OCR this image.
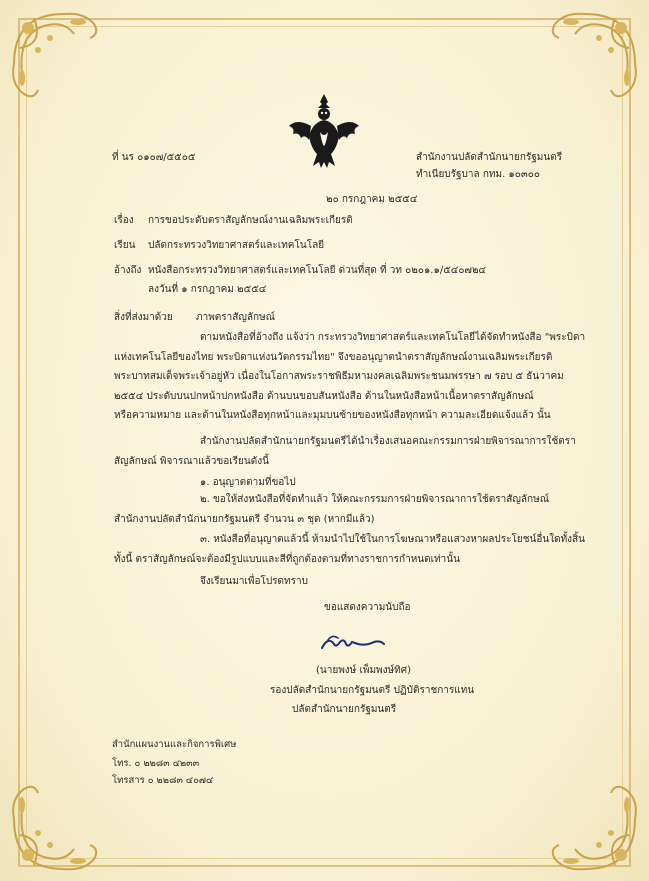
ที่ นร ๐๑๐๗/๕๕๐๕	สำนักงานปลัดสำนักนายกรัฐมนตรี
ทำเนียบรัฐบาล กทม. ๑๐๓๐๐
๒๐ กรกฎาคม ๒๕๕๔
เรื่อง การขอประดับตราสัญลักษณ์งานเฉลิมพระเกียรติ
เรียน ปลัดกระทรวงวิทยาศาสตร์และเทคโนโลยี
อ้างถึง หนังสือกระทรวงวิทยาศาสตร์และเทคโนโลยี ด่วนที่สุด ที่ วท ๐๒๐๑.๑/๕๔๐๗๒๔
ลงวันที่ ๑ กรกฎาคม ๒๕๕๔
สิ่งที่ส่งมาด้วย ภาพตราสัญลักษณ์
ตามหนังสือที่อ้างถึง แจ้งว่า กระทรวงวิทยาศาสตร์และเทคโนโลยีได้จัดทำหนังสือ "พระบิดา
แห่งเทคโนโลยีของไทย พระบิดาแห่งนวัตกรรมไทย" จึงขออนุญาตนำตราสัญลักษณ์งานเฉลิมพระเกียรติ
พระบาทสมเด็จพระเจ้าอยู่หัว เนื่องในโอกาสพระราชพิธีมหามงคลเฉลิมพระชนมพรรษา ๗ รอบ ๕ ธันวาคม
๒๕๕๔ ประดับบนปกหน้าปกหนังสือ ด้านบนขอบสันหนังสือ ด้านในหนังสือหน้าเนื้อหาตราสัญลักษณ์
หรือความหมาย และด้านในหนังสือทุกหน้าและมุมบนซ้ายของหนังสือทุกหน้า ความละเอียดแจ้งแล้ว นั้น
สำนักงานปลัดสำนักนายกรัฐมนตรีได้นำเรื่องเสนอคณะกรรมการฝ่ายพิจารณาการใช้ตรา
สัญลักษณ์ พิจารณาแล้วขอเรียนดังนี้
๑. อนุญาตตามที่ขอไป
๒. ขอให้ส่งหนังสือที่จัดทำแล้ว ให้คณะกรรมการฝ่ายพิจารณาการใช้ตราสัญลักษณ์
สำนักงานปลัดสำนักนายกรัฐมนตรี จำนวน ๓ ชุด (หากมีแล้ว)
๓. หนังสือที่อนุญาตแล้วนี้ ห้ามนำไปใช้ในการโฆษณาหรือแสวงหาผลประโยชน์อื่นใดทั้งสิ้น
ทั้งนี้ ตราสัญลักษณ์จะต้องมีรูปแบบและสีที่ถูกต้องตามที่ทางราชการกำหนดเท่านั้น
จึงเรียนมาเพื่อโปรดทราบ
ขอแสดงความนับถือ
(นายพงษ์ เพ็มพงษ์ทิศ)
รองปลัดสำนักนายกรัฐมนตรี ปฏิบัติราชการแทน
ปลัดสำนักนายกรัฐมนตรี
สำนักแผนงานและกิจการพิเศษ
โทร. ๐ ๒๒๘๓ ๔๒๓๓
โทรสาร ๐ ๒๒๘๓ ๔๐๗๔
